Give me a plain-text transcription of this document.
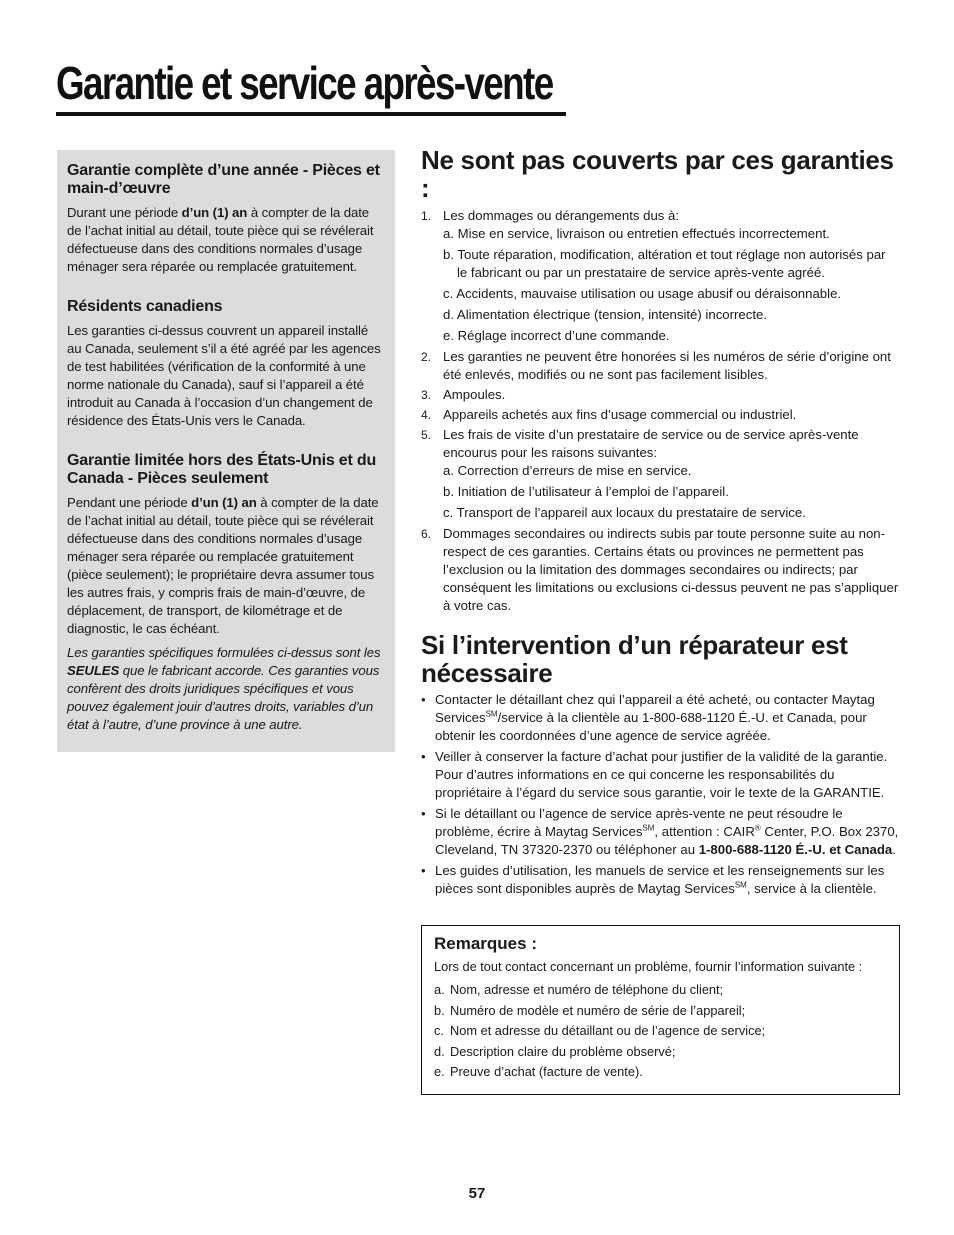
Garantie et service après-vente
Garantie complète d’une année - Pièces et main-d’œuvre

Durant une période d’un (1) an à compter de la date de l’achat initial au détail, toute pièce qui se révélerait défectueuse dans des conditions normales d’usage ménager sera réparée ou remplacée gratuitement.

Résidents canadiens

Les garanties ci-dessus couvrent un appareil installé au Canada, seulement s’il a été agréé par les agences de test habilitées (vérification de la conformité à une norme nationale du Canada), sauf si l’appareil a été introduit au Canada à l’occasion d’un changement de résidence des États-Unis vers le Canada.

Garantie limitée hors des États-Unis et du Canada - Pièces seulement

Pendant une période d’un (1) an à compter de la date de l’achat initial au détail, toute pièce qui se révélerait défectueuse dans des conditions normales d’usage ménager sera réparée ou remplacée gratuitement (pièce seulement); le propriétaire devra assumer tous les autres frais, y compris frais de main-d’œuvre, de déplacement, de transport, de kilométrage et de diagnostic, le cas échéant.

Les garanties spécifiques formulées ci-dessus sont les SEULES que le fabricant accorde. Ces garanties vous confèrent des droits juridiques spécifiques et vous pouvez également jouir d’autres droits, variables d’un état à l’autre, d’une province à une autre.

Ne sont pas couverts par ces garanties :
1. Les dommages ou dérangements dus à:
a. Mise en service, livraison ou entretien effectués incorrectement.
b. Toute réparation, modification, altération et tout réglage non autorisés par le fabricant ou par un prestataire de service après-vente agréé.
c. Accidents, mauvaise utilisation ou usage abusif ou déraisonnable.
d. Alimentation électrique (tension, intensité) incorrecte.
e. Réglage incorrect d’une commande.
2. Les garanties ne peuvent être honorées si les numéros de série d’origine ont été enlevés, modifiés ou ne sont pas facilement lisibles.
3. Ampoules.
4. Appareils achetés aux fins d’usage commercial ou industriel.
5. Les frais de visite d’un prestataire de service ou de service après-vente encourus pour les raisons suivantes:
a. Correction d’erreurs de mise en service.
b. Initiation de l’utilisateur à l’emploi de l’appareil.
c. Transport de l’appareil aux locaux du prestataire de service.
6. Dommages secondaires ou indirects subis par toute personne suite au non-respect de ces garanties. Certains états ou provinces ne permettent pas l’exclusion ou la limitation des dommages secondaires ou indirects; par conséquent les limitations ou exclusions ci-dessus peuvent ne pas s’appliquer à votre cas.
Si l’intervention d’un réparateur est nécessaire
• Contacter le détaillant chez qui l’appareil a été acheté, ou contacter Maytag Services℠/service à la clientèle au 1-800-688-1120 É.-U. et Canada, pour obtenir les coordonnées d’une agence de service agréée.
• Veiller à conserver la facture d’achat pour justifier de la validité de la garantie. Pour d’autres informations en ce qui concerne les responsabilités du propriétaire à l’égard du service sous garantie, voir le texte de la GARANTIE.
• Si le détaillant ou l’agence de service après-vente ne peut résoudre le problème, écrire à Maytag Services℠, attention : CAIR® Center, P.O. Box 2370, Cleveland, TN 37320-2370 ou téléphoner au 1-800-688-1120 É.-U. et Canada.
• Les guides d’utilisation, les manuels de service et les renseignements sur les pièces sont disponibles auprès de Maytag Services℠, service à la clientèle.
Remarques :

Lors de tout contact concernant un problème, fournir l’information suivante :

a. Nom, adresse et numéro de téléphone du client;
b. Numéro de modèle et numéro de série de l’appareil;
c. Nom et adresse du détaillant ou de l’agence de service;
d. Description claire du problème observé;
e. Preuve d’achat (facture de vente).
57
